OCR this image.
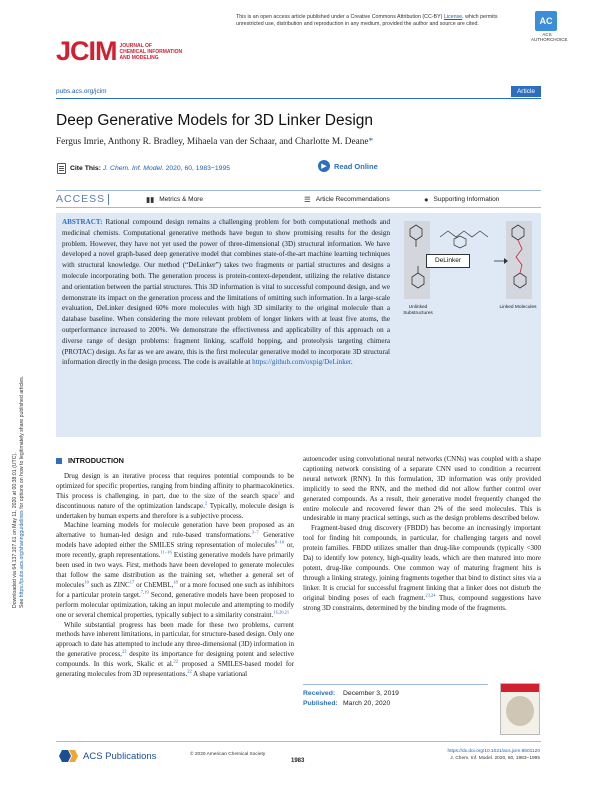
JCIM JOURNAL OF
CHEMICAL INFORMATION
AND MODELING
This is an open access article published under a Creative Commons Attribution (CC-BY) License, which permits unrestricted use, distribution and reproduction in any medium, provided the author and source are cited.	AC
ACS AUTHORCHOICE
pubs.acs.org/jcim	Article
Deep Generative Models for 3D Linker Design
Fergus Imrie, Anthony R. Bradley, Mihaela van der Schaar, and Charlotte M. Deane*
Cite This: J. Chem. Inf. Model. 2020, 60, 1983−1995	▶ Read Online
ACCESS	▮▮ Metrics & More	☰ Article Recommendations	● Supporting Information
DeLinker
Unlinked Substructures
Linked Molecules
ABSTRACT: Rational compound design remains a challenging problem for both computational methods and medicinal chemists. Computational generative methods have begun to show promising results for the design problem. However, they have not yet used the power of three-dimensional (3D) structural information. We have developed a novel graph-based deep generative model that combines state-of-the-art machine learning techniques with structural knowledge. Our method (“DeLinker”) takes two fragments or partial structures and designs a molecule incorporating both. The generation process is protein-context-dependent, utilizing the relative distance and orientation between the partial structures. This 3D information is vital to successful compound design, and we demonstrate its impact on the generation process and the limitations of omitting such information. In a large-scale evaluation, DeLinker designed 60% more molecules with high 3D similarity to the original molecule than a database baseline. When considering the more relevant problem of longer linkers with at least five atoms, the outperformance increased to 200%. We demonstrate the effectiveness and applicability of this approach on a diverse range of design problems: fragment linking, scaffold hopping, and proteolysis targeting chimera (PROTAC) design. As far as we are aware, this is the first molecular generative model to incorporate 3D structural information directly in the design process. The code is available at https://github.com/oxpig/DeLinker.
Downloaded via 64.137.107.61 on May 11, 2020 at 00:38:01 (UTC). See https://pubs.acs.org/sharingguidelines for options on how to legitimately share published articles.	INTRODUCTION

Drug design is an iterative process that requires potential compounds to be optimized for specific properties, ranging from binding affinity to pharmacokinetics. This process is challenging, in part, due to the size of the search space$^1$ and discontinuous nature of the optimization landscape.$^2$ Typically, molecule design is undertaken by human experts and therefore is a subjective process.

Machine learning models for molecule generation have been proposed as an alternative to human-led design and rule-based transformations.$^{3-7}$ Generative models have adopted either the SMILES string representation of molecules$^{8-10}$ or, more recently, graph representations.$^{11-16}$ Existing generative models have primarily been used in two ways. First, methods have been developed to generate molecules that follow the same distribution as the training set, whether a general set of molecules$^{10}$ such as ZINC$^{17}$ or ChEMBL,$^{18}$ or a more focused one such as inhibitors for a particular protein target.$^{7,19}$ Second, generative models have been proposed to perform molecular optimization, taking an input molecule and attempting to modify one or several chemical properties, typically subject to a similarity constraint.$^{16,20,21}$

While substantial progress has been made for these two problems, current methods have inherent limitations, in particular, for structure-based design. Only one approach to date has attempted to include any three-dimensional (3D) information in the generative process,$^{22}$ despite its importance for designing potent and selective compounds. In this work, Skalic et al.$^{22}$ proposed a SMILES-based model for generating molecules from 3D representations.$^{22}$ A shape variational

autoencoder using convolutional neural networks (CNNs) was coupled with a shape captioning network consisting of a separate CNN used to condition a recurrent neural network (RNN). In this formulation, 3D information was only provided implicitly to seed the RNN, and the method did not allow further control over generated compounds. As a result, their generative model frequently changed the entire molecule and recovered fewer than 2% of the seed molecules. This is undesirable in many practical settings, such as the design problems described below.

Fragment-based drug discovery (FBDD) has become an increasingly important tool for finding hit compounds, in particular, for challenging targets and novel protein families. FBDD utilizes smaller than drug-like compounds (typically <300 Da) to identify low potency, high-quality leads, which are then matured into more potent, drug-like compounds. One common way of maturing fragment hits is through a linking strategy, joining fragments together that bind to distinct sites via a linker. It is crucial for successful fragment linking that a linker does not disturb the original binding poses of each fragment.$^{23,24}$ Thus, compound suggestions have strong 3D constraints, determined by the binding mode of the fragments.

Received: December 3, 2019
Published: March 20, 2020
ACS Publications	© 2020 American Chemical Society
1983
https://dx.doi.org/10.1021/acs.jcim.9b01120
J. Chem. Inf. Model. 2020, 60, 1983−1995
